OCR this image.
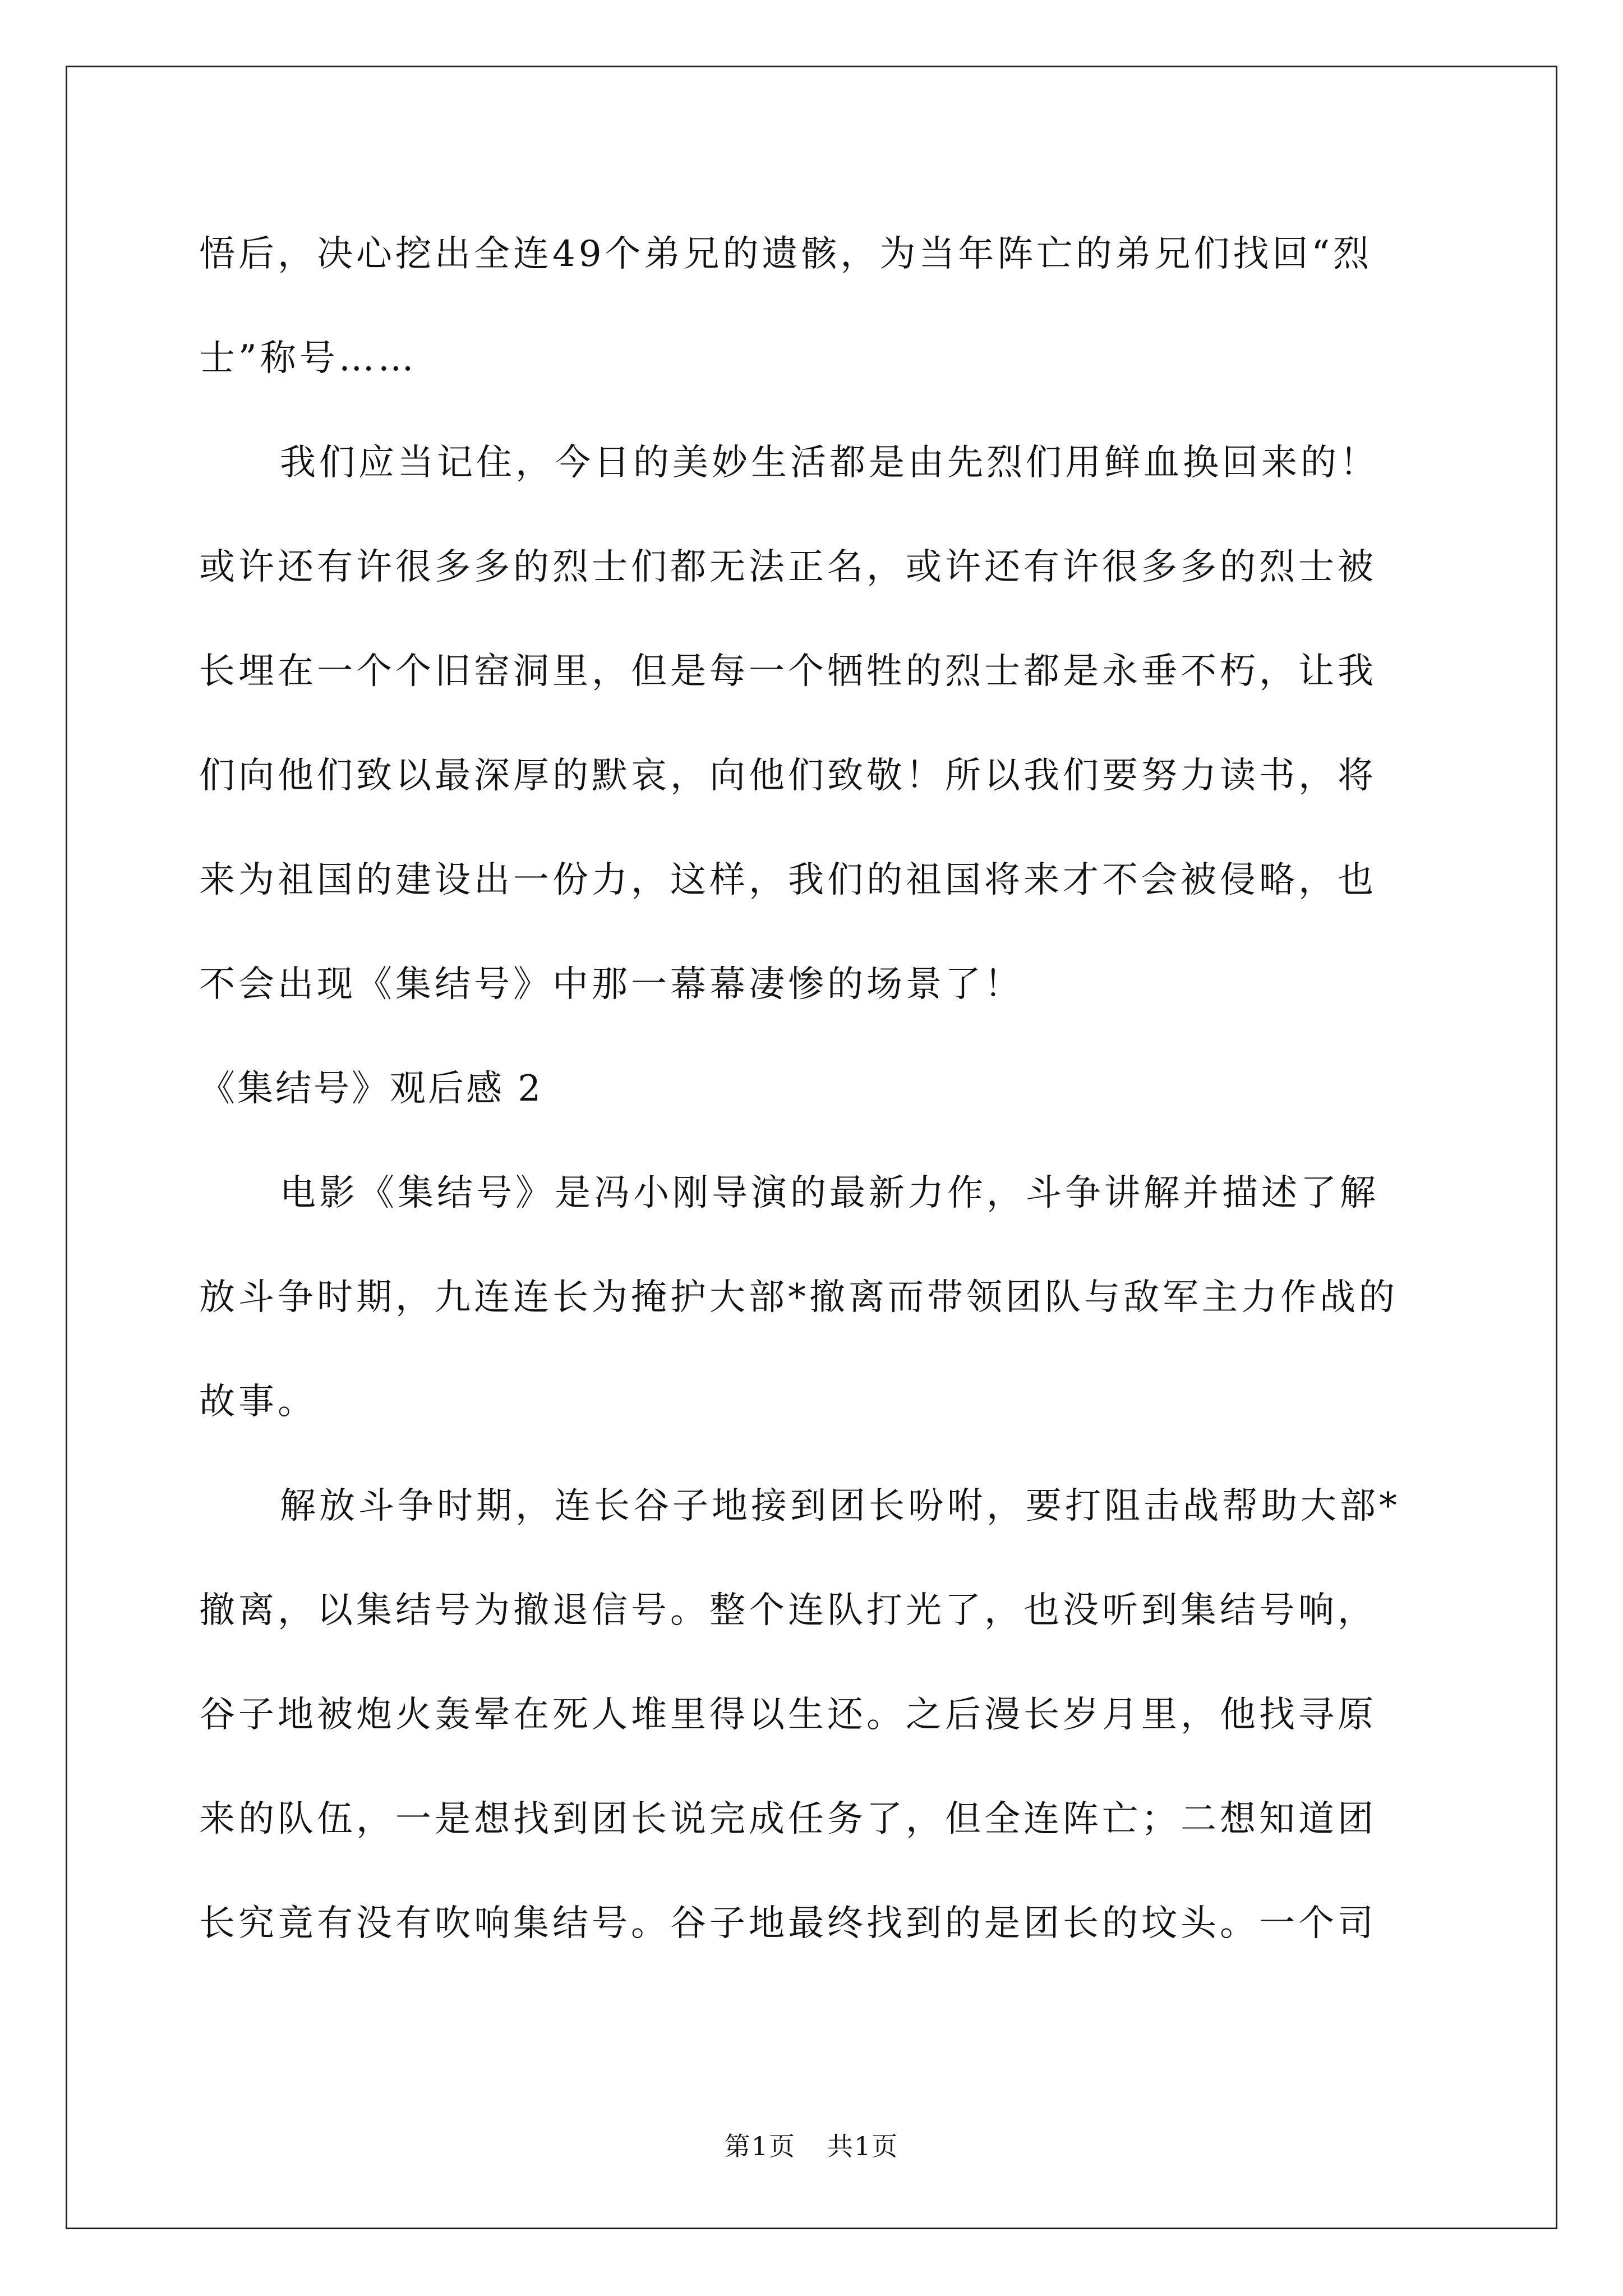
悟后，决心挖出全连49个弟兄的遗骸，为当年阵亡的弟兄们找回“烈
士”称号……
我们应当记住，今日的美妙生活都是由先烈们用鲜血换回来的！
或许还有许很多多的烈士们都无法正名，或许还有许很多多的烈士被
长埋在一个个旧窑洞里，但是每一个牺牲的烈士都是永垂不朽，让我
们向他们致以最深厚的默哀，向他们致敬！所以我们要努力读书，将
来为祖国的建设出一份力，这样，我们的祖国将来才不会被侵略，也
不会出现《集结号》中那一幕幕凄惨的场景了！
《集结号》观后感 2
电影《集结号》是冯小刚导演的最新力作，斗争讲解并描述了解
放斗争时期，九连连长为掩护大部*撤离而带领团队与敌军主力作战的
故事。
解放斗争时期，连长谷子地接到团长吩咐，要打阻击战帮助大部*
撤离，以集结号为撤退信号。整个连队打光了，也没听到集结号响，
谷子地被炮火轰晕在死人堆里得以生还。之后漫长岁月里，他找寻原
来的队伍，一是想找到团长说完成任务了，但全连阵亡；二想知道团
长究竟有没有吹响集结号。谷子地最终找到的是团长的坟头。一个司
第1页 共1页
